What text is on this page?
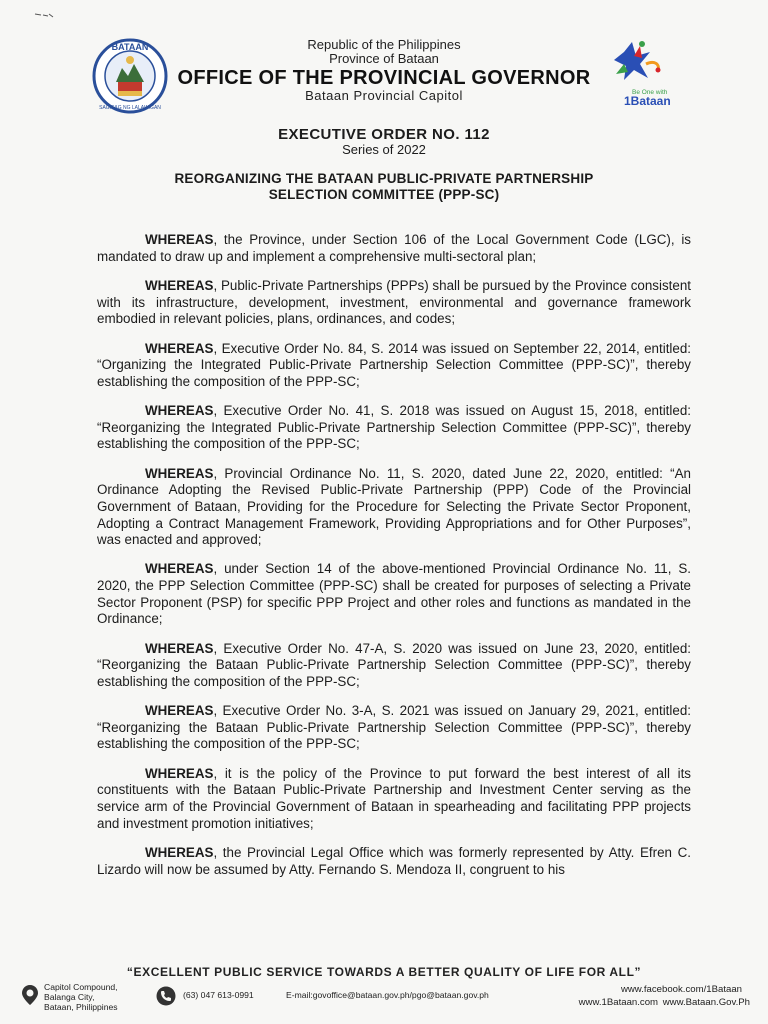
BATAAN
SAGISAG NG LALAWIGAN
Republic of the Philippines
Province of Bataan
OFFICE OF THE PROVINCIAL GOVERNOR
Bataan Provincial Capitol	Be One with
1Bataan
EXECUTIVE ORDER NO. 112
Series of 2022
REORGANIZING THE BATAAN PUBLIC-PRIVATE PARTNERSHIP
SELECTION COMMITTEE (PPP-SC)

WHEREAS, the Province, under Section 106 of the Local Government Code (LGC), is mandated to draw up and implement a comprehensive multi-sectoral plan;

WHEREAS, Public-Private Partnerships (PPPs) shall be pursued by the Province consistent with its infrastructure, development, investment, environmental and governance framework embodied in relevant policies, plans, ordinances, and codes;

WHEREAS, Executive Order No. 84, S. 2014 was issued on September 22, 2014, entitled: “Organizing the Integrated Public-Private Partnership Selection Committee (PPP-SC)”, thereby establishing the composition of the PPP-SC;

WHEREAS, Executive Order No. 41, S. 2018 was issued on August 15, 2018, entitled: “Reorganizing the Integrated Public-Private Partnership Selection Committee (PPP-SC)”, thereby establishing the composition of the PPP-SC;

WHEREAS, Provincial Ordinance No. 11, S. 2020, dated June 22, 2020, entitled: “An Ordinance Adopting the Revised Public-Private Partnership (PPP) Code of the Provincial Government of Bataan, Providing for the Procedure for Selecting the Private Sector Proponent, Adopting a Contract Management Framework, Providing Appropriations and for Other Purposes”, was enacted and approved;

WHEREAS, under Section 14 of the above-mentioned Provincial Ordinance No. 11, S. 2020, the PPP Selection Committee (PPP-SC) shall be created for purposes of selecting a Private Sector Proponent (PSP) for specific PPP Project and other roles and functions as mandated in the Ordinance;

WHEREAS, Executive Order No. 47-A, S. 2020 was issued on June 23, 2020, entitled: “Reorganizing the Bataan Public-Private Partnership Selection Committee (PPP-SC)”, thereby establishing the composition of the PPP-SC;

WHEREAS, Executive Order No. 3-A, S. 2021 was issued on January 29, 2021, entitled: “Reorganizing the Bataan Public-Private Partnership Selection Committee (PPP-SC)”, thereby establishing the composition of the PPP-SC;

WHEREAS, it is the policy of the Province to put forward the best interest of all its constituents with the Bataan Public-Private Partnership and Investment Center serving as the service arm of the Provincial Government of Bataan in spearheading and facilitating PPP projects and investment promotion initiatives;

WHEREAS, the Provincial Legal Office which was formerly represented by Atty. Efren C. Lizardo will now be assumed by Atty. Fernando S. Mendoza II, congruent to his

“EXCELLENT PUBLIC SERVICE TOWARDS A BETTER QUALITY OF LIFE FOR ALL”
Capitol Compound,
Balanga City,
Bataan, Philippines
(63) 047 613-0991	E-mail:govoffice@bataan.gov.ph/pgo@bataan.gov.ph	www.facebook.com/1Bataan
www.1Bataan.com www.Bataan.Gov.Ph
